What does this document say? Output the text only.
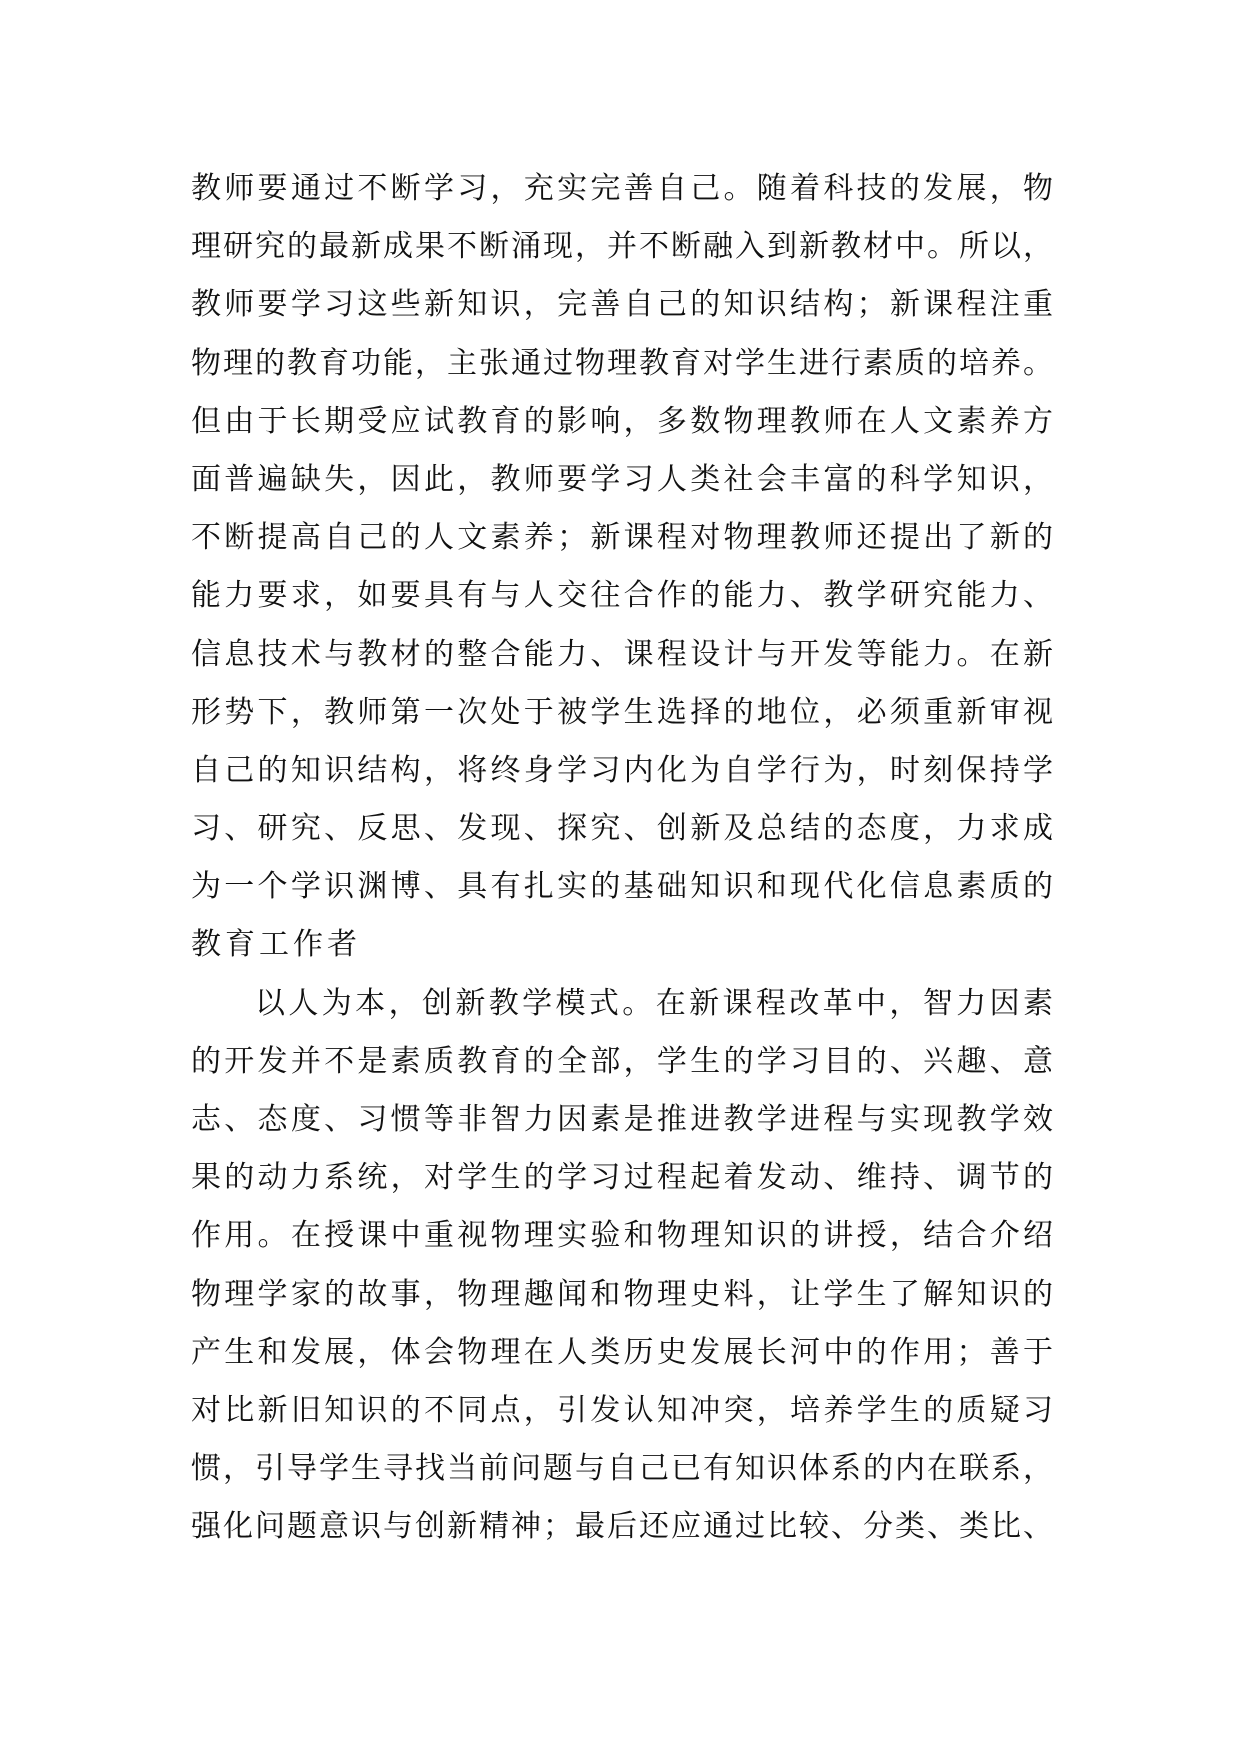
教师要通过不断学习，充实完善自己。随着科技的发展，物
理研究的最新成果不断涌现，并不断融入到新教材中。所以，
教师要学习这些新知识，完善自己的知识结构；新课程注重
物理的教育功能，主张通过物理教育对学生进行素质的培养。
但由于长期受应试教育的影响，多数物理教师在人文素养方
面普遍缺失，因此，教师要学习人类社会丰富的科学知识，
不断提高自己的人文素养；新课程对物理教师还提出了新的
能力要求，如要具有与人交往合作的能力、教学研究能力、
信息技术与教材的整合能力、课程设计与开发等能力。在新
形势下，教师第一次处于被学生选择的地位，必须重新审视
自己的知识结构，将终身学习内化为自学行为，时刻保持学
习、研究、反思、发现、探究、创新及总结的态度，力求成
为一个学识渊博、具有扎实的基础知识和现代化信息素质的
教育工作者
以人为本，创新教学模式。在新课程改革中，智力因素
的开发并不是素质教育的全部，学生的学习目的、兴趣、意
志、态度、习惯等非智力因素是推进教学进程与实现教学效
果的动力系统，对学生的学习过程起着发动、维持、调节的
作用。在授课中重视物理实验和物理知识的讲授，结合介绍
物理学家的故事，物理趣闻和物理史料，让学生了解知识的
产生和发展，体会物理在人类历史发展长河中的作用；善于
对比新旧知识的不同点，引发认知冲突，培养学生的质疑习
惯，引导学生寻找当前问题与自己已有知识体系的内在联系，
强化问题意识与创新精神；最后还应通过比较、分类、类比、
